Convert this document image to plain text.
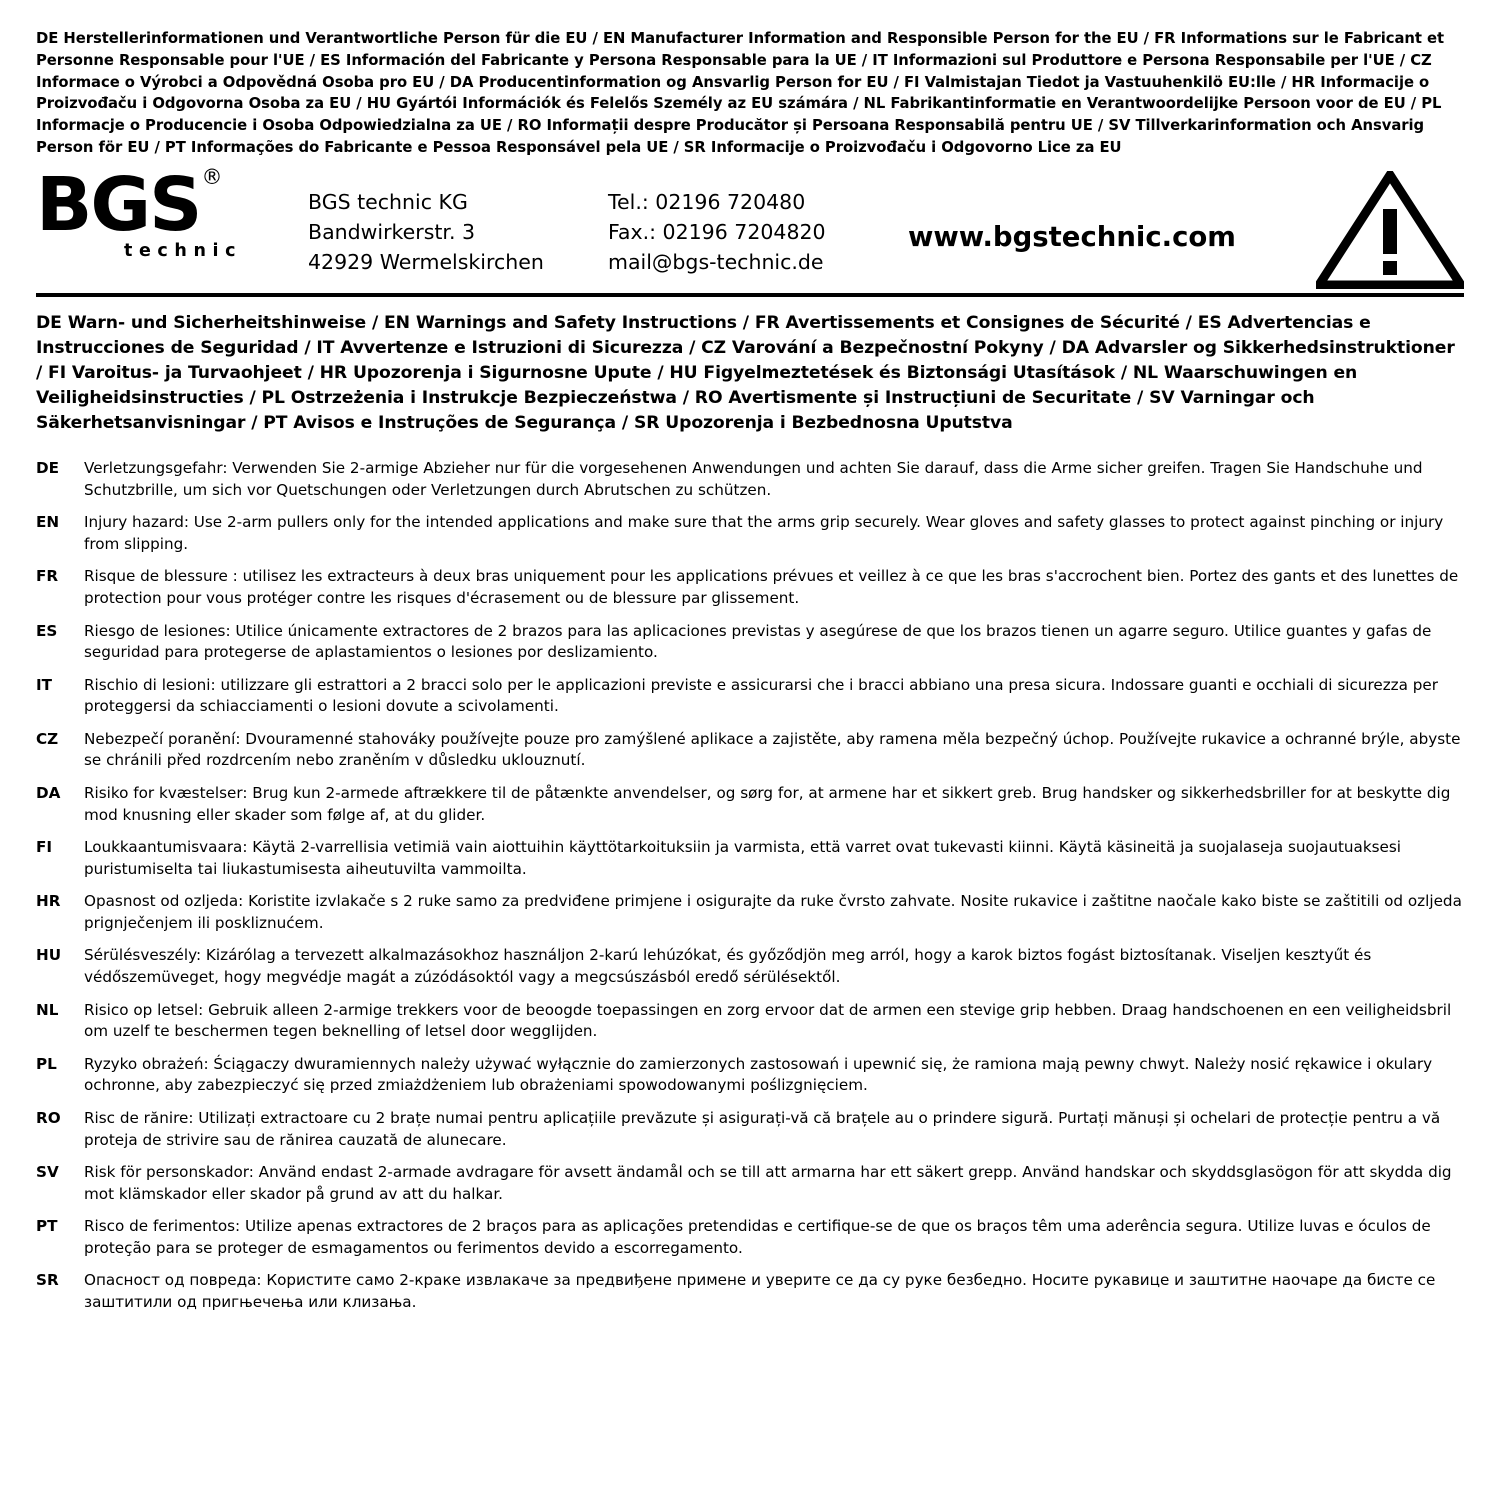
DE Herstellerinformationen und Verantwortliche Person für die EU / EN Manufacturer Information and Responsible Person for the EU / FR Informations sur le Fabricant et Personne Responsable pour l'UE / ES Información del Fabricante y Persona Responsable para la UE / IT Informazioni sul Produttore e Persona Responsabile per l'UE / CZ Informace o Výrobci a Odpovědná Osoba pro EU / DA Producentinformation og Ansvarlig Person for EU / FI Valmistajan Tiedot ja Vastuuhenkilö EU:lle / HR Informacije o Proizvođaču i Odgovorna Osoba za EU / HU Gyártói Információk és Felelős Személy az EU számára / NL Fabrikantinformatie en Verantwoordelijke Persoon voor de EU / PL Informacje o Producencie i Osoba Odpowiedzialna za UE / RO Informații despre Producător și Persoana Responsabilă pentru UE / SV Tillverkarinformation och Ansvarig Person för EU / PT Informações do Fabricante e Pessoa Responsável pela UE / SR Informacije o Proizvođaču i Odgovorno Lice za EU
BGS ®
technic
BGS technic KG
Bandwirkerstr. 3
42929 Wermelskirchen
Tel.: 02196 720480
Fax.: 02196 7204820
mail@bgs-technic.de
www.bgstechnic.com
DE Warn- und Sicherheitshinweise / EN Warnings and Safety Instructions / FR Avertissements et Consignes de Sécurité / ES Advertencias e Instrucciones de Seguridad / IT Avvertenze e Istruzioni di Sicurezza / CZ Varování a Bezpečnostní Pokyny / DA Advarsler og Sikkerhedsinstruktioner / FI Varoitus- ja Turvaohjeet / HR Upozorenja i Sigurnosne Upute / HU Figyelmeztetések és Biztonsági Utasítások / NL Waarschuwingen en Veiligheidsinstructies / PL Ostrzeżenia i Instrukcje Bezpieczeństwa / RO Avertismente și Instrucțiuni de Securitate / SV Varningar och Säkerhetsanvisningar / PT Avisos e Instruções de Segurança / SR Upozorenja i Bezbednosna Uputstva
DE	Verletzungsgefahr: Verwenden Sie 2-armige Abzieher nur für die vorgesehenen Anwendungen und achten Sie darauf, dass die Arme sicher greifen. Tragen Sie Handschuhe und Schutzbrille, um sich vor Quetschungen oder Verletzungen durch Abrutschen zu schützen.
EN	Injury hazard: Use 2-arm pullers only for the intended applications and make sure that the arms grip securely. Wear gloves and safety glasses to protect against pinching or injury from slipping.
FR	Risque de blessure : utilisez les extracteurs à deux bras uniquement pour les applications prévues et veillez à ce que les bras s'accrochent bien. Portez des gants et des lunettes de protection pour vous protéger contre les risques d'écrasement ou de blessure par glissement.
ES	Riesgo de lesiones: Utilice únicamente extractores de 2 brazos para las aplicaciones previstas y asegúrese de que los brazos tienen un agarre seguro. Utilice guantes y gafas de seguridad para protegerse de aplastamientos o lesiones por deslizamiento.
IT	Rischio di lesioni: utilizzare gli estrattori a 2 bracci solo per le applicazioni previste e assicurarsi che i bracci abbiano una presa sicura. Indossare guanti e occhiali di sicurezza per proteggersi da schiacciamenti o lesioni dovute a scivolamenti.
CZ	Nebezpečí poranění: Dvouramenné stahováky používejte pouze pro zamýšlené aplikace a zajistěte, aby ramena měla bezpečný úchop. Používejte rukavice a ochranné brýle, abyste se chránili před rozdrcením nebo zraněním v důsledku uklouznutí.
DA	Risiko for kvæstelser: Brug kun 2-armede aftrækkere til de påtænkte anvendelser, og sørg for, at armene har et sikkert greb. Brug handsker og sikkerhedsbriller for at beskytte dig mod knusning eller skader som følge af, at du glider.
FI	Loukkaantumisvaara: Käytä 2-varrellisia vetimiä vain aiottuihin käyttötarkoituksiin ja varmista, että varret ovat tukevasti kiinni. Käytä käsineitä ja suojalaseja suojautuaksesi puristumiselta tai liukastumisesta aiheutuvilta vammoilta.
HR	Opasnost od ozljeda: Koristite izvlakače s 2 ruke samo za predviđene primjene i osigurajte da ruke čvrsto zahvate. Nosite rukavice i zaštitne naočale kako biste se zaštitili od ozljeda prignječenjem ili poskliznućem.
HU	Sérülésveszély: Kizárólag a tervezett alkalmazásokhoz használjon 2-karú lehúzókat, és győződjön meg arról, hogy a karok biztos fogást biztosítanak. Viseljen kesztyűt és védőszemüveget, hogy megvédje magát a zúzódásoktól vagy a megcsúszásból eredő sérülésektől.
NL	Risico op letsel: Gebruik alleen 2-armige trekkers voor de beoogde toepassingen en zorg ervoor dat de armen een stevige grip hebben. Draag handschoenen en een veiligheidsbril om uzelf te beschermen tegen beknelling of letsel door weggIijden.
PL	Ryzyko obrażeń: Ściągaczy dwuramiennych należy używać wyłącznie do zamierzonych zastosowań i upewnić się, że ramiona mają pewny chwyt. Należy nosić rękawice i okulary ochronne, aby zabezpieczyć się przed zmiażdżeniem lub obrażeniami spowodowanymi poślizgnięciem.
RO	Risc de rănire: Utilizați extractoare cu 2 brațe numai pentru aplicațiile prevăzute și asigurați-vă că brațele au o prindere sigură. Purtați mănuși și ochelari de protecție pentru a vă proteja de strivire sau de rănirea cauzată de alunecare.
SV	Risk för personskador: Använd endast 2-armade avdragare för avsett ändamål och se till att armarna har ett säkert grepp. Använd handskar och skyddsglasögon för att skydda dig mot klämskador eller skador på grund av att du halkar.
PT	Risco de ferimentos: Utilize apenas extractores de 2 braços para as aplicações pretendidas e certifique-se de que os braços têm uma aderência segura. Utilize luvas e óculos de proteção para se proteger de esmagamentos ou ferimentos devido a escorregamento.
SR	Опасност од повреда: Користите само 2-краке извлакаче за предвиђене примене и уверите се да су руке безбедно. Носите рукавице и заштитне наочаре да бисте се заштитили од пригњечења или клизања.
